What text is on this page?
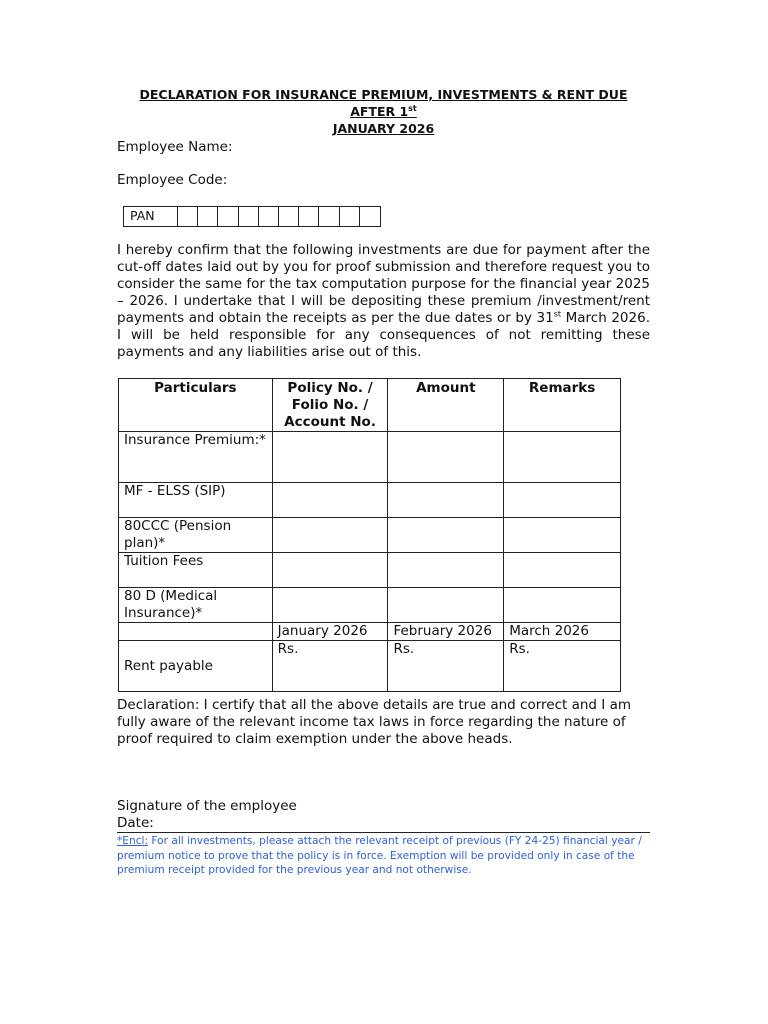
DECLARATION FOR INSURANCE PREMIUM, INVESTMENTS & RENT DUE AFTER 1st
JANUARY 2026
Employee Name:
Employee Code:
PAN
I hereby confirm that the following investments are due for payment after the cut-off dates laid out by you for proof submission and therefore request you to consider the same for the tax computation purpose for the financial year 2025 – 2026. I undertake that I will be depositing these premium /investment/rent payments and obtain the receipts as per the due dates or by 31st March 2026. I will be held responsible for any consequences of not remitting these payments and any liabilities arise out of this.
Particulars	Policy No. / Folio No. / Account No.	Amount	Remarks
Insurance Premium:*			
MF - ELSS (SIP)			
80CCC (Pension plan)*			
Tuition Fees			
80 D (Medical Insurance)*			
	January 2026	February 2026	March 2026
Rent payable	Rs.	Rs.	Rs.
Declaration: I certify that all the above details are true and correct and I am fully aware of the relevant income tax laws in force regarding the nature of proof required to claim exemption under the above heads.
Signature of the employee
Date:
*Encl: For all investments, please attach the relevant receipt of previous (FY 24-25) financial year / premium notice to prove that the policy is in force. Exemption will be provided only in case of the premium receipt provided for the previous year and not otherwise.
